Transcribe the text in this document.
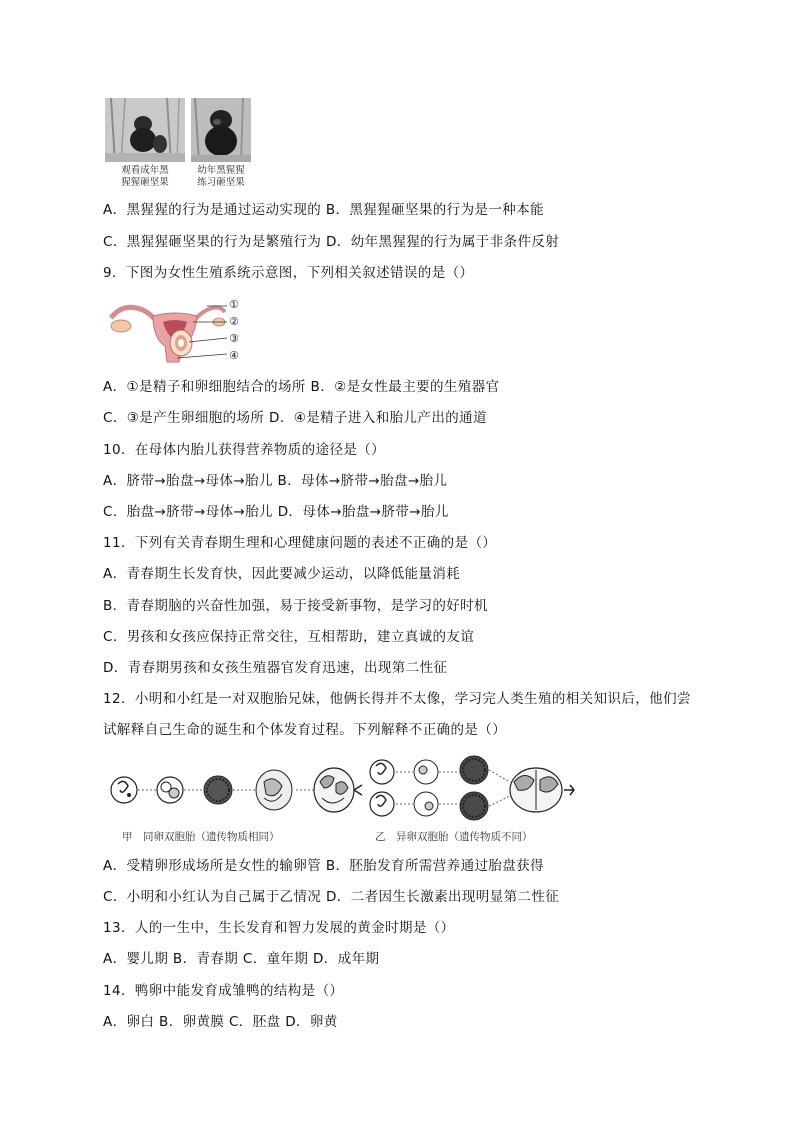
观看成年黑
猩猩砸坚果
幼年黑猩猩
练习砸坚果
A．黑猩猩的行为是通过运动实现的 B．黑猩猩砸坚果的行为是一种本能
C．黑猩猩砸坚果的行为是繁殖行为 D．幼年黑猩猩的行为属于非条件反射
9．下图为女性生殖系统示意图，下列相关叙述错误的是（）
①
②
③
④
A．①是精子和卵细胞结合的场所 B．②是女性最主要的生殖器官
C．③是产生卵细胞的场所 D．④是精子进入和胎儿产出的通道
10．在母体内胎儿获得营养物质的途径是（）
A．脐带→胎盘→母体→胎儿 B．母体→脐带→胎盘→胎儿
C．胎盘→脐带→母体→胎儿 D．母体→胎盘→脐带→胎儿
11．下列有关青春期生理和心理健康问题的表述不正确的是（）
A．青春期生长发育快，因此要减少运动，以降低能量消耗
B．青春期脑的兴奋性加强，易于接受新事物，是学习的好时机
C．男孩和女孩应保持正常交往，互相帮助，建立真诚的友谊
D．青春期男孩和女孩生殖器官发育迅速，出现第二性征
12．小明和小红是一对双胞胎兄妹，他俩长得并不太像，学习完人类生殖的相关知识后，他们尝
试解释自己生命的诞生和个体发育过程。下列解释不正确的是（）
甲　同卵双胞胎（遗传物质相同）	乙　异卵双胞胎（遗传物质不同）
A．受精卵形成场所是女性的输卵管 B．胚胎发育所需营养通过胎盘获得
C．小明和小红认为自己属于乙情况 D．二者因生长激素出现明显第二性征
13．人的一生中，生长发育和智力发展的黄金时期是（）
A．婴儿期 B．青春期 C．童年期 D．成年期
14．鸭卵中能发育成雏鸭的结构是（）
A．卵白 B．卵黄膜 C．胚盘 D．卵黄
